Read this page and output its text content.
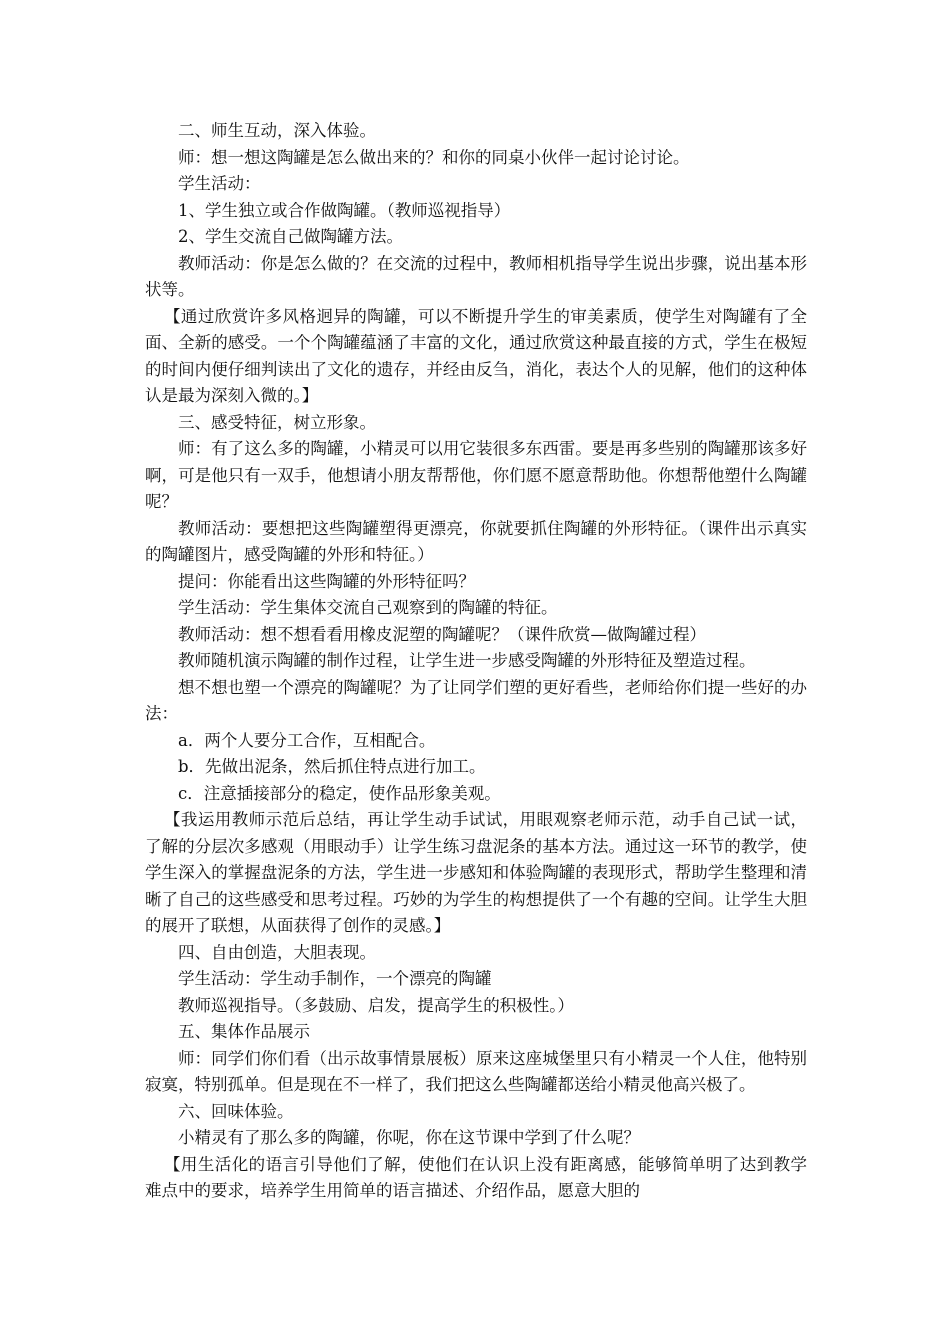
二、师生互动，深入体验。

师：想一想这陶罐是怎么做出来的？和你的同桌小伙伴一起讨论讨论。

学生活动：

1、学生独立或合作做陶罐。（教师巡视指导）

2、学生交流自己做陶罐方法。

教师活动：你是怎么做的？在交流的过程中，教师相机指导学生说出步骤，说出基本形状等。

【通过欣赏许多风格迥异的陶罐，可以不断提升学生的审美素质，使学生对陶罐有了全面、全新的感受。一个个陶罐蕴涵了丰富的文化，通过欣赏这种最直接的方式，学生在极短的时间内便仔细判读出了文化的遗存，并经由反刍，消化，表达个人的见解，他们的这种体认是最为深刻入微的。】

三、感受特征，树立形象。

师：有了这么多的陶罐，小精灵可以用它装很多东西雷。要是再多些别的陶罐那该多好啊，可是他只有一双手，他想请小朋友帮帮他，你们愿不愿意帮助他。你想帮他塑什么陶罐呢？

教师活动：要想把这些陶罐塑得更漂亮，你就要抓住陶罐的外形特征。（课件出示真实的陶罐图片，感受陶罐的外形和特征。）

提问：你能看出这些陶罐的外形特征吗？

学生活动：学生集体交流自己观察到的陶罐的特征。

教师活动：想不想看看用橡皮泥塑的陶罐呢？（课件欣赏—做陶罐过程）

教师随机演示陶罐的制作过程，让学生进一步感受陶罐的外形特征及塑造过程。

想不想也塑一个漂亮的陶罐呢？为了让同学们塑的更好看些，老师给你们提一些好的办法：

a．两个人要分工合作，互相配合。

b．先做出泥条，然后抓住特点进行加工。

c．注意插接部分的稳定，使作品形象美观。

【我运用教师示范后总结，再让学生动手试试，用眼观察老师示范，动手自己试一试，了解的分层次多感观（用眼动手）让学生练习盘泥条的基本方法。通过这一环节的教学，使学生深入的掌握盘泥条的方法，学生进一步感知和体验陶罐的表现形式，帮助学生整理和清晰了自己的这些感受和思考过程。巧妙的为学生的构想提供了一个有趣的空间。让学生大胆的展开了联想，从面获得了创作的灵感。】

四、自由创造，大胆表现。

学生活动：学生动手制作，一个漂亮的陶罐

教师巡视指导。（多鼓励、启发，提高学生的积极性。）

五、集体作品展示

师：同学们你们看（出示故事情景展板）原来这座城堡里只有小精灵一个人住，他特别寂寞，特别孤单。但是现在不一样了，我们把这么些陶罐都送给小精灵他高兴极了。

六、回味体验。

小精灵有了那么多的陶罐，你呢，你在这节课中学到了什么呢？

【用生活化的语言引导他们了解，使他们在认识上没有距离感，能够简单明了达到教学难点中的要求，培养学生用简单的语言描述、介绍作品，愿意大胆的
